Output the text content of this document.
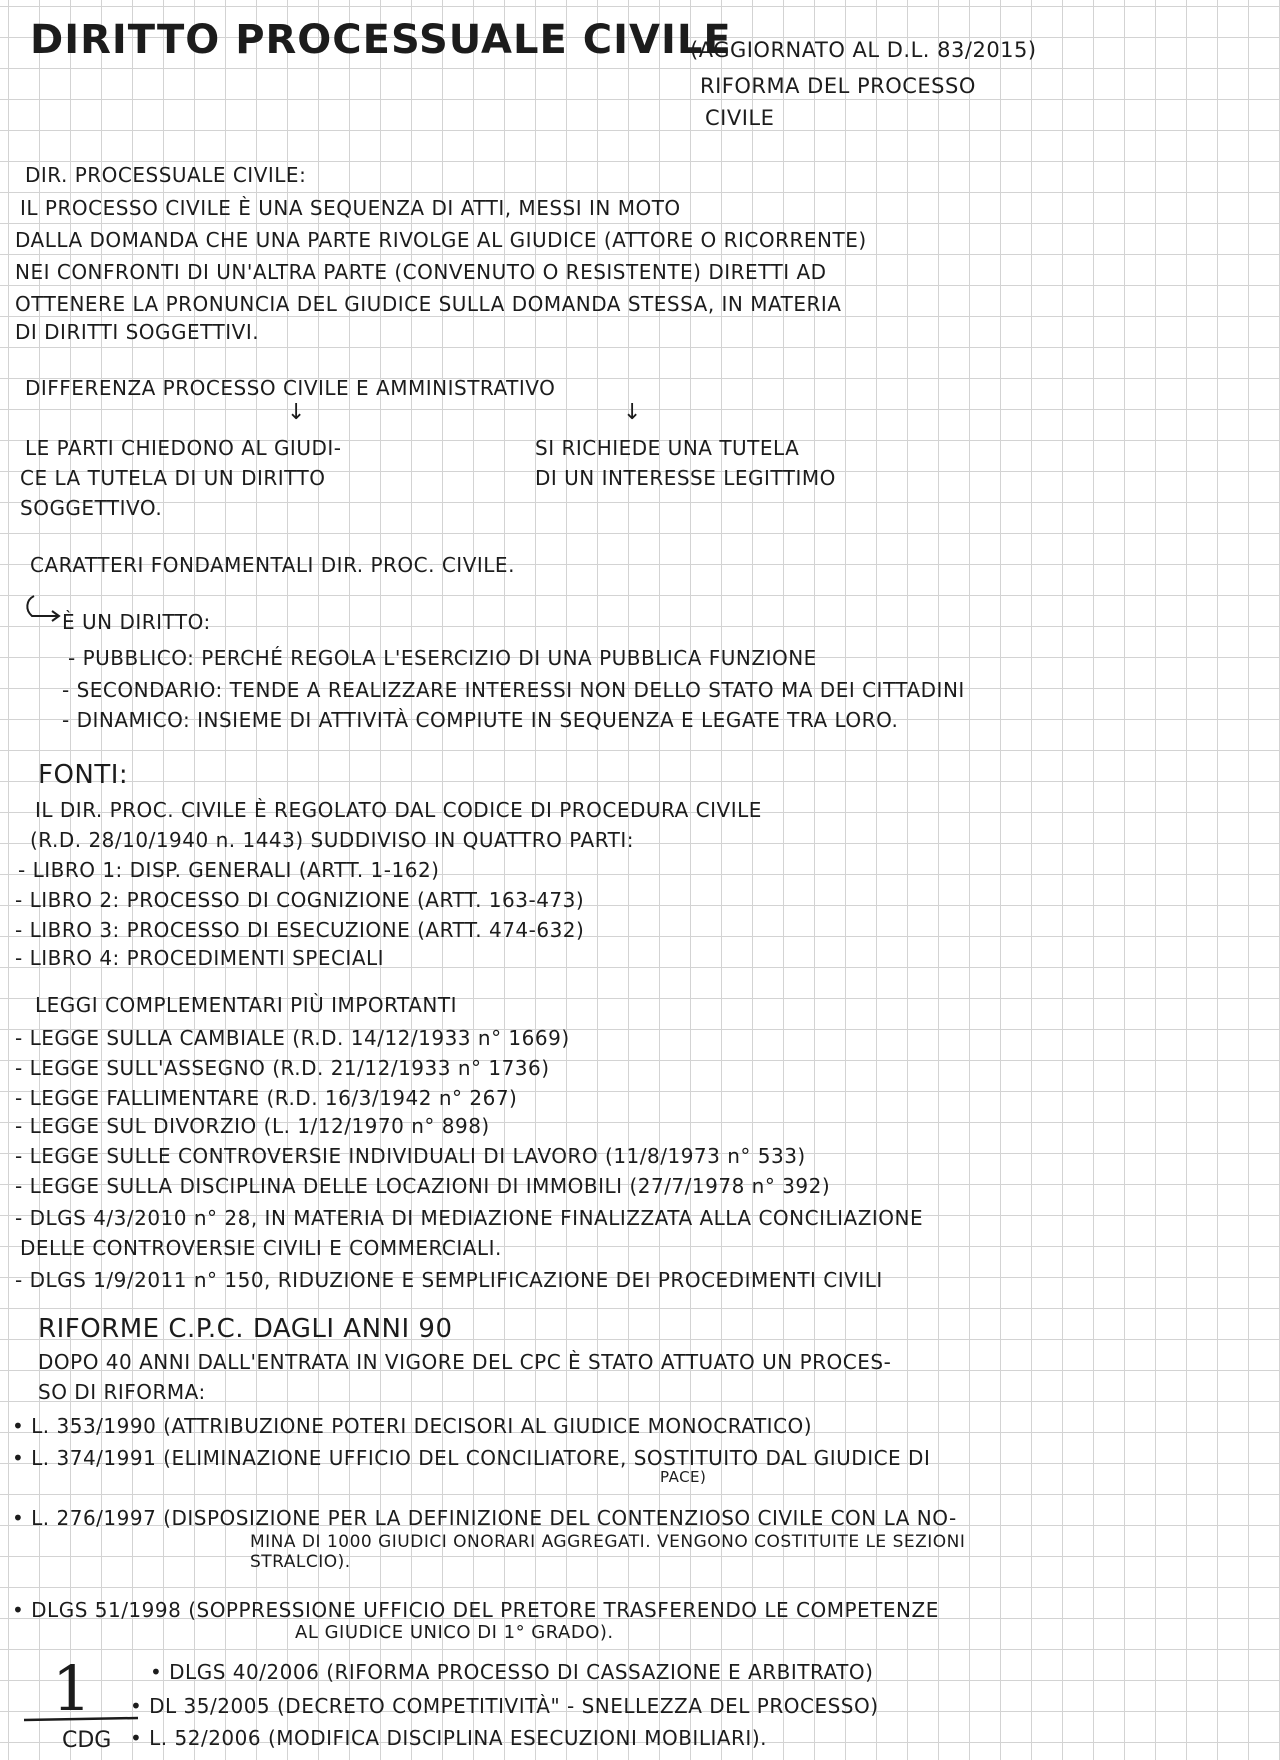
DIRITTO PROCESSUALE CIVILE
(AGGIORNATO AL D.L. 83/2015)
RIFORMA DEL PROCESSO
CIVILE
DIR. PROCESSUALE CIVILE:
IL PROCESSO CIVILE È UNA SEQUENZA DI ATTI, MESSI IN MOTO
DALLA DOMANDA CHE UNA PARTE RIVOLGE AL GIUDICE (ATTORE O RICORRENTE)
NEI CONFRONTI DI UN'ALTRA PARTE (CONVENUTO O RESISTENTE) DIRETTI AD
OTTENERE LA PRONUNCIA DEL GIUDICE SULLA DOMANDA STESSA, IN MATERIA
DI DIRITTI SOGGETTIVI.
DIFFERENZA PROCESSO CIVILE E AMMINISTRATIVO
↓	↓
LE PARTI CHIEDONO AL GIUDI-
CE LA TUTELA DI UN DIRITTO
SOGGETTIVO.
SI RICHIEDE UNA TUTELA
DI UN INTERESSE LEGITTIMO
CARATTERI FONDAMENTALI DIR. PROC. CIVILE.
È UN DIRITTO:
- PUBBLICO: PERCHÉ REGOLA L'ESERCIZIO DI UNA PUBBLICA FUNZIONE
- SECONDARIO: TENDE A REALIZZARE INTERESSI NON DELLO STATO MA DEI CITTADINI
- DINAMICO: INSIEME DI ATTIVITÀ COMPIUTE IN SEQUENZA E LEGATE TRA LORO.
FONTI:
IL DIR. PROC. CIVILE È REGOLATO DAL CODICE DI PROCEDURA CIVILE
(R.D. 28/10/1940 n. 1443) SUDDIVISO IN QUATTRO PARTI:
- LIBRO 1: DISP. GENERALI (ARTT. 1-162)
- LIBRO 2: PROCESSO DI COGNIZIONE (ARTT. 163-473)
- LIBRO 3: PROCESSO DI ESECUZIONE (ARTT. 474-632)
- LIBRO 4: PROCEDIMENTI SPECIALI
LEGGI COMPLEMENTARI PIÙ IMPORTANTI
- LEGGE SULLA CAMBIALE (R.D. 14/12/1933 n° 1669)
- LEGGE SULL'ASSEGNO (R.D. 21/12/1933 n° 1736)
- LEGGE FALLIMENTARE (R.D. 16/3/1942 n° 267)
- LEGGE SUL DIVORZIO (L. 1/12/1970 n° 898)
- LEGGE SULLE CONTROVERSIE INDIVIDUALI DI LAVORO (11/8/1973 n° 533)
- LEGGE SULLA DISCIPLINA DELLE LOCAZIONI DI IMMOBILI (27/7/1978 n° 392)
- DLGS 4/3/2010 n° 28, IN MATERIA DI MEDIAZIONE FINALIZZATA ALLA CONCILIAZIONE
DELLE CONTROVERSIE CIVILI E COMMERCIALI.
- DLGS 1/9/2011 n° 150, RIDUZIONE E SEMPLIFICAZIONE DEI PROCEDIMENTI CIVILI
RIFORME C.P.C. DAGLI ANNI 90
DOPO 40 ANNI DALL'ENTRATA IN VIGORE DEL CPC È STATO ATTUATO UN PROCES-
SO DI RIFORMA:
• L. 353/1990 (ATTRIBUZIONE POTERI DECISORI AL GIUDICE MONOCRATICO)
• L. 374/1991 (ELIMINAZIONE UFFICIO DEL CONCILIATORE, SOSTITUITO DAL GIUDICE DI
PACE)
• L. 276/1997 (DISPOSIZIONE PER LA DEFINIZIONE DEL CONTENZIOSO CIVILE CON LA NO-
MINA DI 1000 GIUDICI ONORARI AGGREGATI. VENGONO COSTITUITE LE SEZIONI
STRALCIO).
• DLGS 51/1998 (SOPPRESSIONE UFFICIO DEL PRETORE TRASFERENDO LE COMPETENZE
AL GIUDICE UNICO DI 1° GRADO).
1
CDG
• DLGS 40/2006 (RIFORMA PROCESSO DI CASSAZIONE E ARBITRATO)
• DL 35/2005 (DECRETO COMPETITIVITÀ" - SNELLEZZA DEL PROCESSO)
• L. 52/2006 (MODIFICA DISCIPLINA ESECUZIONI MOBILIARI).
